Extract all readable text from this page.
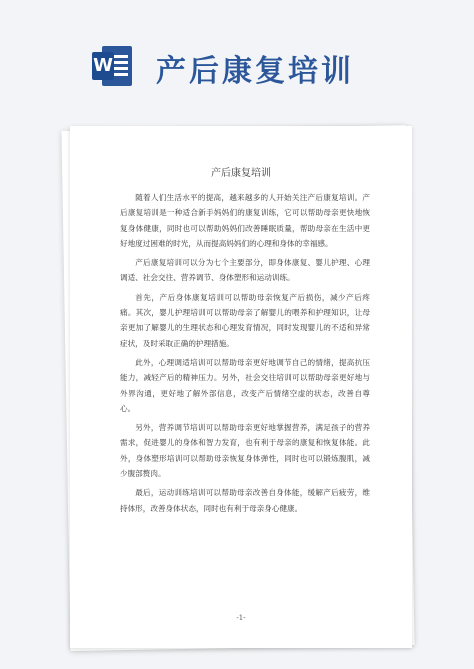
W 产后康复培训
产后康复培训

随着人们生活水平的提高，越来越多的人开始关注产后康复培训。产后康复培训是一种适合新手妈妈们的康复训练，它可以帮助母亲更快地恢复身体健康，同时也可以帮助妈妈们改善睡眠质量，帮助母亲在生活中更好地度过困难的时光，从而提高妈妈们的心理和身体的幸福感。

产后康复培训可以分为七个主要部分，即身体康复、婴儿护理、心理调适、社会交往、营养调节、身体塑形和运动训练。

首先，产后身体康复培训可以帮助母亲恢复产后损伤，减少产后疼痛。其次，婴儿护理培训可以帮助母亲了解婴儿的喂养和护理知识，让母亲更加了解婴儿的生理状态和心理发育情况，同时发现婴儿的不适和异常症状，及时采取正确的护理措施。

此外，心理调适培训可以帮助母亲更好地调节自己的情绪，提高抗压能力，减轻产后的精神压力。另外，社会交往培训可以帮助母亲更好地与外界沟通，更好地了解外部信息，改变产后情绪空虚的状态，改善自尊心。

另外，营养调节培训可以帮助母亲更好地掌握营养，满足孩子的营养需求，促进婴儿的身体和智力发育，也有利于母亲的康复和恢复体能。此外，身体塑形培训可以帮助母亲恢复身体弹性，同时也可以锻炼腹肌，减少腹部赘肉。

最后，运动训练培训可以帮助母亲改善自身体能，缓解产后疲劳，维持体形，改善身体状态，同时也有利于母亲身心健康。

-1-
